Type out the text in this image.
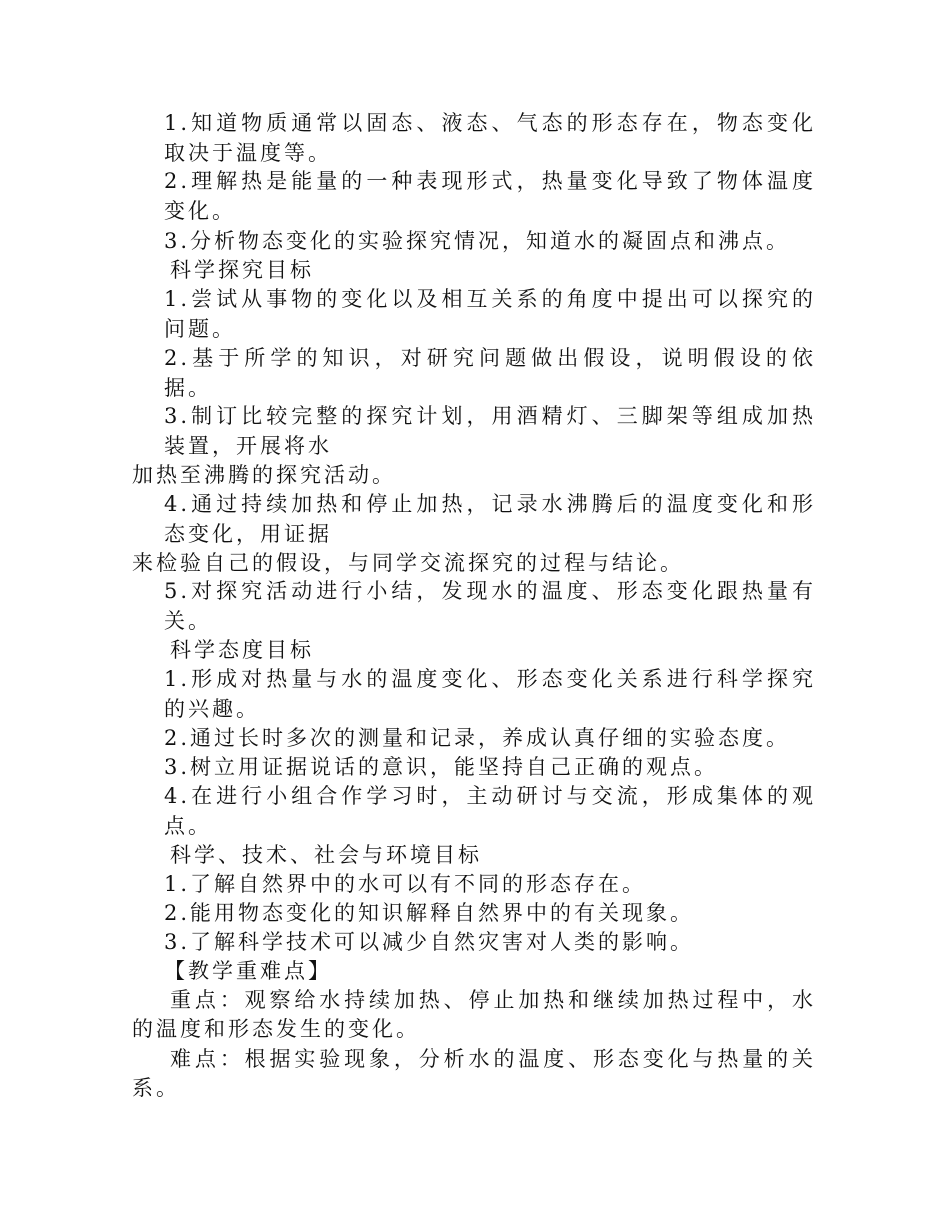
1.知道物质通常以固态、液态、气态的形态存在，物态变化
取决于温度等。
2.理解热是能量的一种表现形式，热量变化导致了物体温度
变化。
3.分析物态变化的实验探究情况，知道水的凝固点和沸点。
科学探究目标
1.尝试从事物的变化以及相互关系的角度中提出可以探究的
问题。
2.基于所学的知识，对研究问题做出假设，说明假设的依
据。
3.制订比较完整的探究计划，用酒精灯、三脚架等组成加热
装置，开展将水
加热至沸腾的探究活动。
4.通过持续加热和停止加热，记录水沸腾后的温度变化和形
态变化，用证据
来检验自己的假设，与同学交流探究的过程与结论。
5.对探究活动进行小结，发现水的温度、形态变化跟热量有
关。
科学态度目标
1.形成对热量与水的温度变化、形态变化关系进行科学探究
的兴趣。
2.通过长时多次的测量和记录，养成认真仔细的实验态度。
3.树立用证据说话的意识，能坚持自己正确的观点。
4.在进行小组合作学习时，主动研讨与交流，形成集体的观
点。
科学、技术、社会与环境目标
1.了解自然界中的水可以有不同的形态存在。
2.能用物态变化的知识解释自然界中的有关现象。
3.了解科学技术可以减少自然灾害对人类的影响。
【教学重难点】
重点：观察给水持续加热、停止加热和继续加热过程中，水
的温度和形态发生的变化。
难点：根据实验现象，分析水的温度、形态变化与热量的关
系。
